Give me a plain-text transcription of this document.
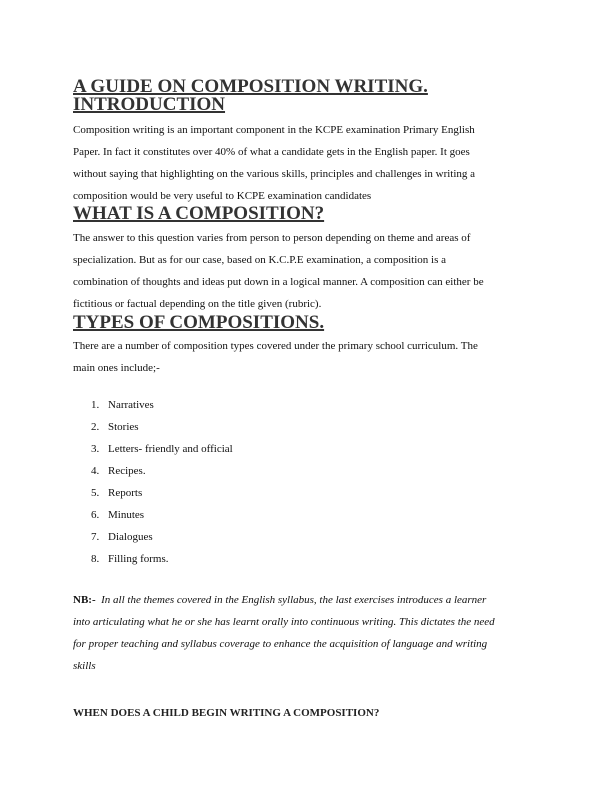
A GUIDE ON COMPOSITION WRITING.
INTRODUCTION
Composition writing is an important component in the KCPE examination Primary English
Paper. In fact it constitutes over 40% of what a candidate gets in the English paper. It goes
without saying that highlighting on the various skills, principles and challenges in writing a
composition would be very useful to KCPE examination candidates
WHAT IS A COMPOSITION?
The answer to this question varies from person to person depending on theme and areas of
specialization. But as for our case, based on K.C.P.E examination, a composition is a
combination of thoughts and ideas put down in a logical manner. A composition can either be
fictitious or factual depending on the title given (rubric).
TYPES OF COMPOSITIONS.
There are a number of composition types covered under the primary school curriculum. The
main ones include;-
1. Narratives
2. Stories
3. Letters- friendly and official
4. Recipes.
5. Reports
6. Minutes
7. Dialogues
8. Filling forms.
NB:- In all the themes covered in the English syllabus, the last exercises introduces a learner
into articulating what he or she has learnt orally into continuous writing. This dictates the need
for proper teaching and syllabus coverage to enhance the acquisition of language and writing
skills
WHEN DOES A CHILD BEGIN WRITING A COMPOSITION?
